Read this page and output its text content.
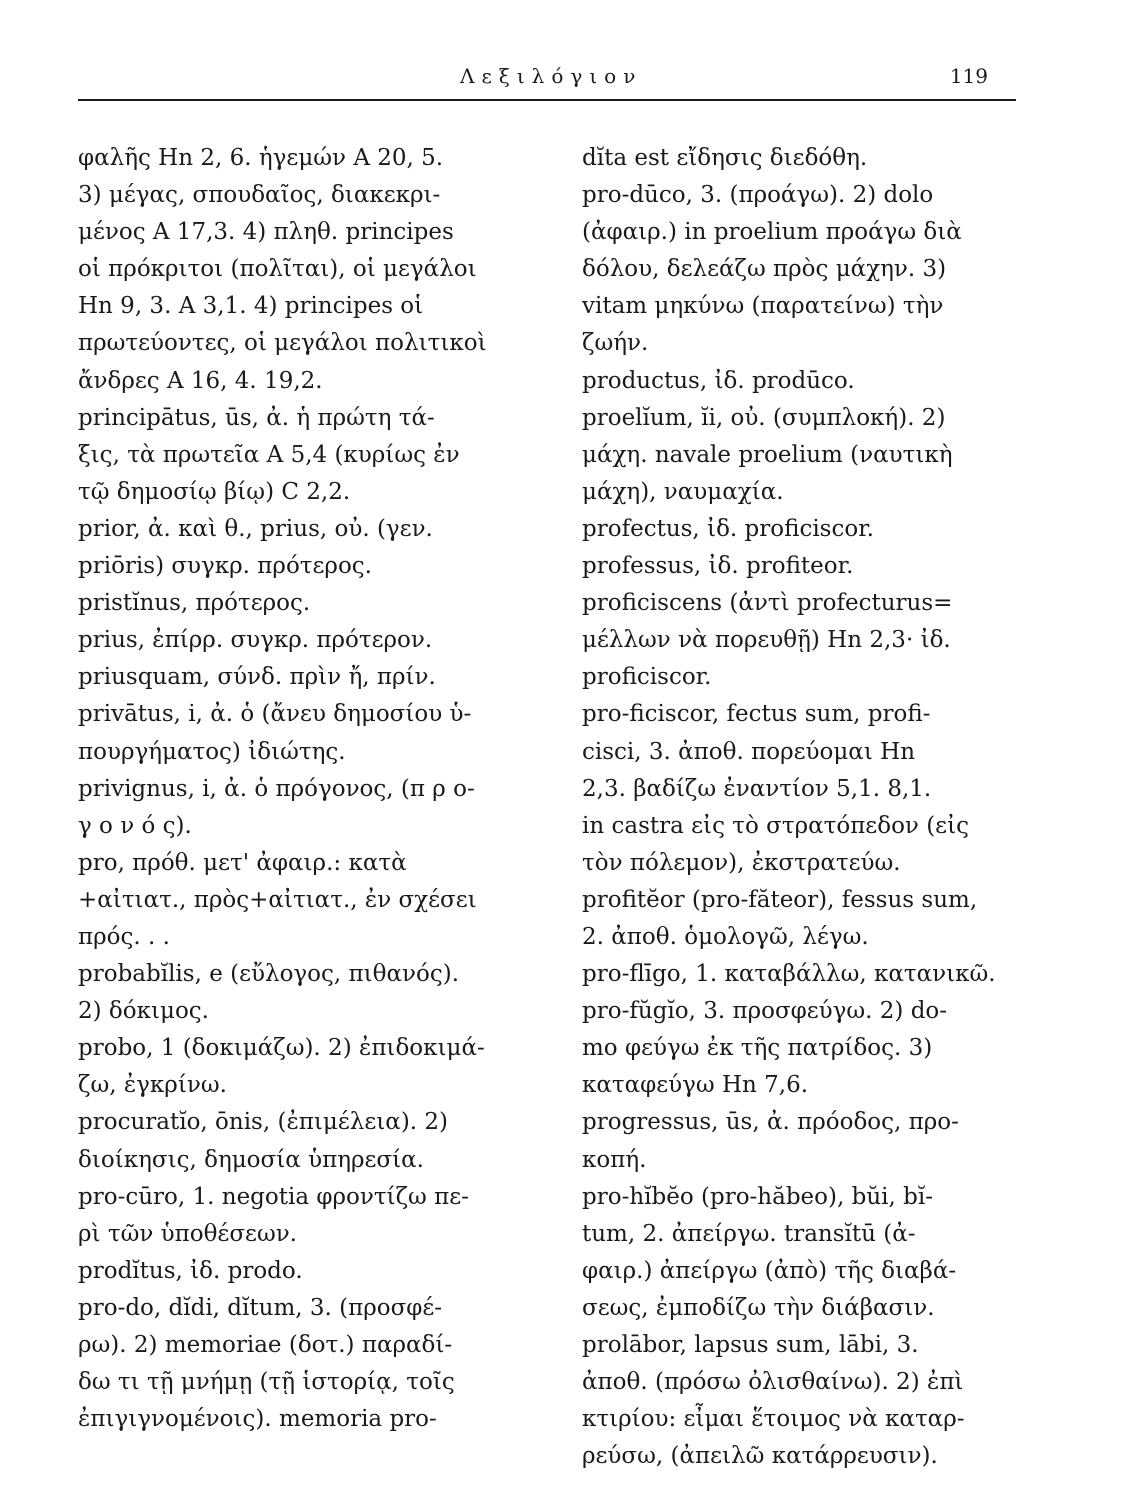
Λεξιλόγιον	119
φαλῆς Hn 2, 6. ἡγεμών A 20, 5.
3) μέγας, σπουδαῖος, διακεκρι-
μένος A 17,3. 4) πληθ. principes
οἱ πρόκριτοι (πολῖται), οἱ μεγάλοι
Hn 9, 3. A 3,1. 4) principes οἱ
πρωτεύοντες, οἱ μεγάλοι πολιτικοὶ
ἄνδρες A 16, 4. 19,2.
principātus, ūs, ἀ. ἡ πρώτη τά-
ξις, τὰ πρωτεῖα A 5,4 (κυρίως ἐν
τῷ δημοσίῳ βίῳ) C 2,2.
prior, ἀ. καὶ θ., prius, οὐ. (γεν.
priōris) συγκρ. πρότερος.
pristĭnus, πρότερος.
prius, ἐπίρρ. συγκρ. πρότερον.
priusquam, σύνδ. πρὶν ἤ, πρίν.
privātus, i, ἀ. ὁ (ἄνευ δημοσίου ὑ-
πουργήματος) ἰδιώτης.
privignus, i, ἀ. ὁ πρόγονος, (π ρ ο-
γ ο ν ό ς).
pro, πρόθ. μετ' ἀφαιρ.: κατὰ
+αἰτιατ., πρὸς+αἰτιατ., ἐν σχέσει
πρός. . .
probabĭlis, e (εὔλογος, πιθανός).
2) δόκιμος.
probo, 1 (δοκιμάζω). 2) ἐπιδοκιμά-
ζω, ἐγκρίνω.
procuratĭo, ōnis, (ἐπιμέλεια). 2)
διοίκησις, δημοσία ὑπηρεσία.
pro-cūro, 1. negotia φροντίζω πε-
ρὶ τῶν ὑποθέσεων.
prodĭtus, ἰδ. prodo.
pro-do, dĭdi, dĭtum, 3. (προσφέ-
ρω). 2) memoriae (δοτ.) παραδί-
δω τι τῇ μνήμῃ (τῇ ἱστορίᾳ, τοῖς
ἐπιγιγνομένοις). memoria pro-
dĭta est εἴδησις διεδόθη.
pro-dūco, 3. (προάγω). 2) dolo
(ἀφαιρ.) in proelium προάγω διὰ
δόλου, δελεάζω πρὸς μάχην. 3)
vitam μηκύνω (παρατείνω) τὴν
ζωήν.
productus, ἰδ. prodūco.
proelĭum, ĭi, οὐ. (συμπλοκή). 2)
μάχη. navale proelium (ναυτικὴ
μάχη), ναυμαχία.
profectus, ἰδ. proficiscor.
professus, ἰδ. profiteor.
proficiscens (ἀντὶ profecturus=
μέλλων νὰ πορευθῇ) Hn 2,3· ἰδ.
proficiscor.
pro-ficiscor, fectus sum, profi-
cisci, 3. ἀποθ. πορεύομαι Hn
2,3. βαδίζω ἐναντίον 5,1. 8,1.
in castra εἰς τὸ στρατόπεδον (εἰς
τὸν πόλεμον), ἐκστρατεύω.
profitĕor (pro-fătеor), fessus sum,
2. ἀποθ. ὁμολογῶ, λέγω.
pro-flīgo, 1. καταβάλλω, κατανικῶ.
pro-fŭgĭo, 3. προσφεύγω. 2) do-
mo φεύγω ἐκ τῆς πατρίδος. 3)
καταφεύγω Hn 7,6.
progressus, ūs, ἀ. πρόοδος, προ-
κοπή.
pro-hĭbĕo (pro-hăbeo), bŭi, bĭ-
tum, 2. ἀπείργω. transĭtū (ἀ-
φαιρ.) ἀπείργω (ἀπὸ) τῆς διαβά-
σεως, ἐμποδίζω τὴν διάβασιν.
prolābor, lapsus sum, lābi, 3.
ἀποθ. (πρόσω ὀλισθαίνω). 2) ἐπὶ
κτιρίου: εἶμαι ἕτοιμος νὰ καταρ-
ρεύσω, (ἀπειλῶ κατάρρευσιν).
